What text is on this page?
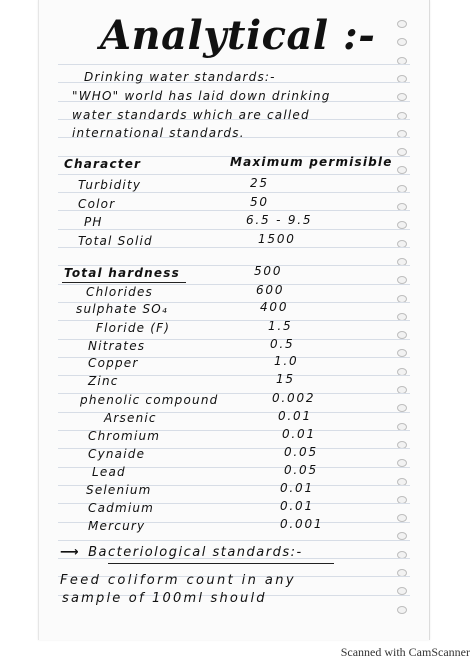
Analytical :-
Drinking water standards:-
"WHO" world has laid down drinking
water standards which are called
international standards.
Character	Maximum permisible
Turbidity	25
Color	50
PH	6.5 - 9.5
Total Solid	1500
Total hardness	500
Chlorides	600
sulphate SO₄	400
Floride (F)	1.5
Nitrates	0.5
Copper	1.0
Zinc	15
phenolic compound	0.002
Arsenic	0.01
Chromium	0.01
Cynaide	0.05
Lead	0.05
Selenium	0.01
Cadmium	0.01
Mercury	0.001
⟶ Bacteriological standards:-
Feed coliform count in any
sample of 100ml should
Scanned with CamScanner
